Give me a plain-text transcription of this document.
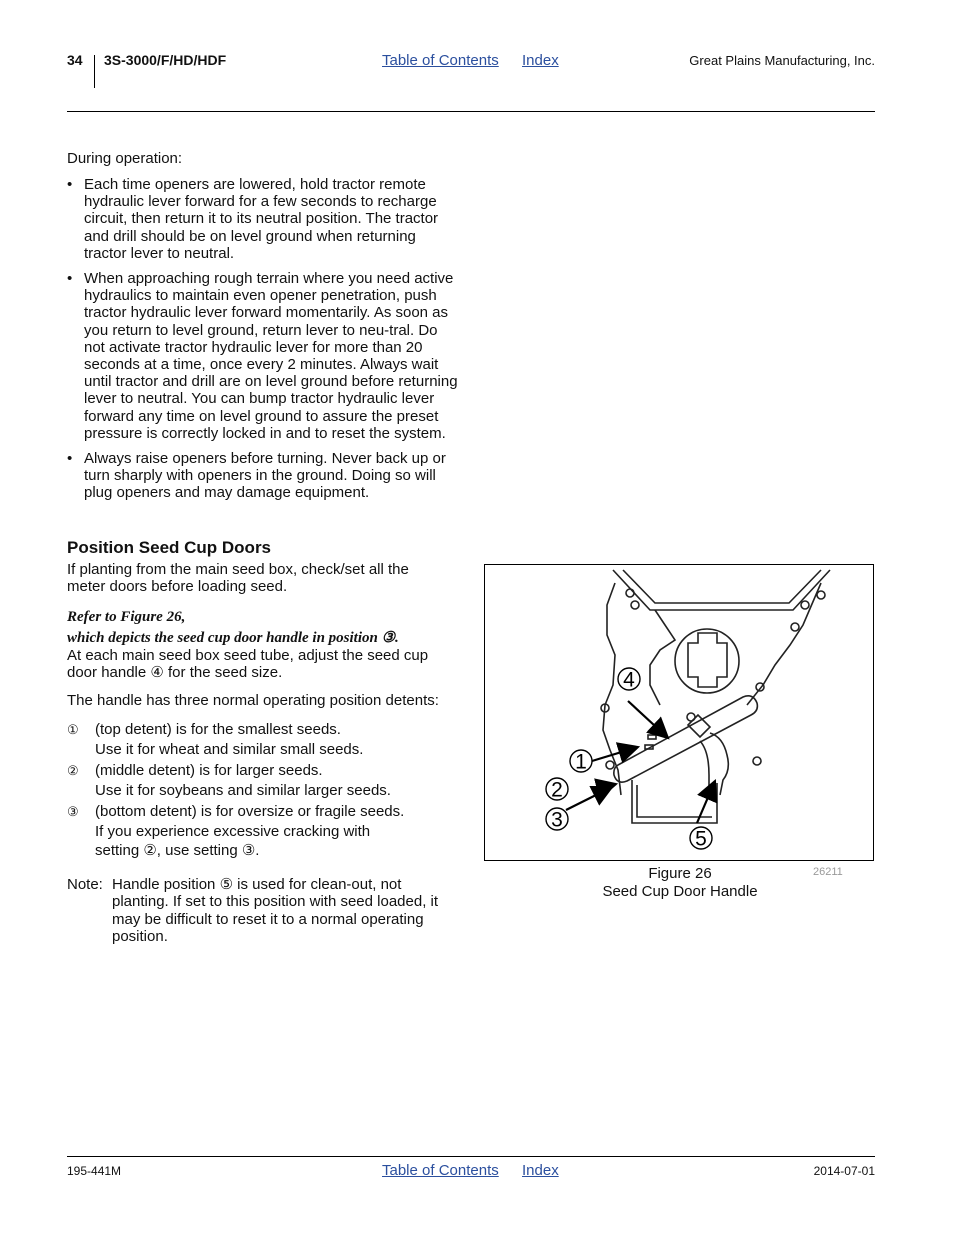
34 3S-3000/F/HD/HDF	Table of Contents Index	Great Plains Manufacturing, Inc.
During operation:
• Each time openers are lowered, hold tractor remote hydraulic lever forward for a few seconds to recharge circuit, then return it to its neutral position. The tractor and drill should be on level ground when returning tractor lever to neutral.
• When approaching rough terrain where you need active hydraulics to maintain even opener penetration, push tractor hydraulic lever forward momentarily. As soon as you return to level ground, return lever to neu-tral. Do not activate tractor hydraulic lever for more than 20 seconds at a time, once every 2 minutes. Always wait until tractor and drill are on level ground before returning lever to neutral. You can bump tractor hydraulic lever forward any time on level ground to assure the preset pressure is correctly locked in and to reset the system.
• Always raise openers before turning. Never back up or turn sharply with openers in the ground. Doing so will plug openers and may damage equipment.
Position Seed Cup Doors
If planting from the main seed box, check/set all the meter doors before loading seed.
Refer to Figure 26,
which depicts the seed cup door handle in position ③.
At each main seed box seed tube, adjust the seed cup door handle ④ for the seed size.
The handle has three normal operating position detents:
① (top detent) is for the smallest seeds.
Use it for wheat and similar small seeds.
② (middle detent) is for larger seeds.
Use it for soybeans and similar larger seeds.
③ (bottom detent) is for oversize or fragile seeds.
If you experience excessive cracking with
setting ②, use setting ③.
Note: Handle position ⑤ is used for clean-out, not planting. If set to this position with seed loaded, it may be difficult to reset it to a normal operating position.
4
1
2
3
5
Figure 26
Seed Cup Door Handle
26211
195-441M	Table of Contents Index	2014-07-01
